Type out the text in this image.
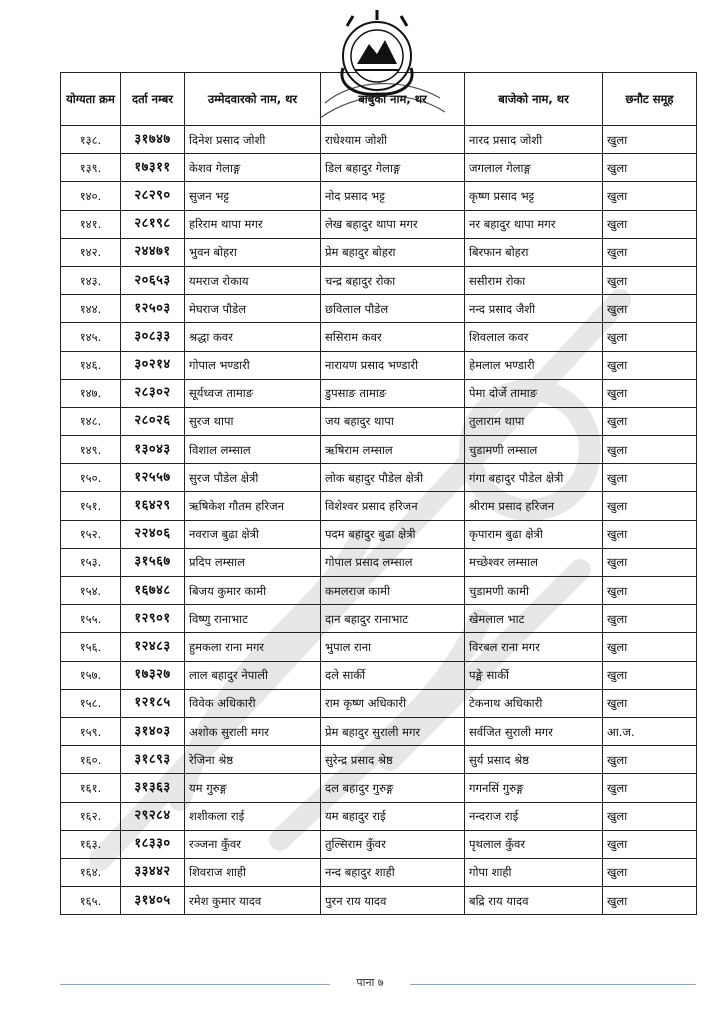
योग्यता क्रम	दर्ता नम्बर	उम्मेदवारको नाम, थर	बाबुको नाम, थर	बाजेको नाम, थर	छनौट समूह
१३८.	३१७४७	दिनेश प्रसाद जोशी	राधेश्याम जोशी	नारद प्रसाद जोशी	खुला
१३९.	१७३११	केशव गेलाङ्ग	डिल बहादुर गेलाङ्ग	जगलाल गेलाङ्ग	खुला
१४०.	२८२९०	सुजन भट्ट	नोद प्रसाद भट्ट	कृष्ण प्रसाद भट्ट	खुला
१४१.	२८१९८	हरिराम थापा मगर	लेख बहादुर थापा मगर	नर बहादुर थापा मगर	खुला
१४२.	२४४७१	भुवन बोहरा	प्रेम बहादुर बोहरा	बिरफान बोहरा	खुला
१४३.	२०६५३	यमराज रोकाय	चन्द्र बहादुर रोका	ससीराम रोका	खुला
१४४.	१२५०३	मेघराज पौडेल	छविलाल पौडेल	नन्द प्रसाद जैशी	खुला
१४५.	३०८३३	श्रद्धा कवर	ससिराम कवर	शिवलाल कवर	खुला
१४६.	३०२१४	गोपाल भण्डारी	नारायण प्रसाद भण्डारी	हेमलाल भण्डारी	खुला
१४७.	२८३०२	सूर्यध्वज तामाङ	डुपसाङ तामाङ	पेमा दोर्जे तामाङ	खुला
१४८.	२८०२६	सुरज थापा	जय बहादुर थापा	तुलाराम थापा	खुला
१४९.	१३०४३	विशाल लम्साल	ऋषिराम लम्साल	चुडामणी लम्साल	खुला
१५०.	१२५५७	सुरज पौडेल क्षेत्री	लोक बहादुर पौडेल क्षेत्री	गंगा बहादुर पौडेल क्षेत्री	खुला
१५१.	१६४२९	ऋषिकेश गौतम हरिजन	विशेश्वर प्रसाद हरिजन	श्रीराम प्रसाद हरिजन	खुला
१५२.	२२४०६	नवराज बुढा क्षेत्री	पदम बहादुर बुढा क्षेत्री	कृपाराम बुढा क्षेत्री	खुला
१५३.	३१५६७	प्रदिप लम्साल	गोपाल प्रसाद लम्साल	मच्छेश्वर लम्साल	खुला
१५४.	१६७४८	बिजय कुमार कामी	कमलराज कामी	चुडामणी कामी	खुला
१५५.	१२९०१	विष्णु रानाभाट	दान बहादुर रानाभाट	खेमलाल भाट	खुला
१५६.	१२४८३	हुमकला राना मगर	भुपाल राना	विरबल राना मगर	खुला
१५७.	१७३२७	लाल बहादुर नेपाली	दले सार्की	पङ्मे सार्की	खुला
१५८.	१२१८५	विवेक अधिकारी	राम कृष्ण अधिकारी	टेकनाथ अधिकारी	खुला
१५९.	३१४०३	अशोक सुराली मगर	प्रेम बहादुर सुराली मगर	सर्वजित सुराली मगर	आ.ज.
१६०.	३१८९३	रेजिना श्रेष्ठ	सुरेन्द्र प्रसाद श्रेष्ठ	सुर्य प्रसाद श्रेष्ठ	खुला
१६१.	३१३६३	यम गुरुङ्ग	दल बहादुर गुरुङ्ग	गगनसिं गुरुङ्ग	खुला
१६२.	२९२८४	शशीकला राई	यम बहादुर राई	नन्दराज राई	खुला
१६३.	१८३३०	रञ्जना कुँवर	तुल्सिराम कुँवर	पृथलाल कुँवर	खुला
१६४.	३३४४२	शिवराज शाही	नन्द बहादुर शाही	गोपा शाही	खुला
१६५.	३१४०५	रमेश कुमार यादव	पुरन राय यादव	बद्रि राय यादव	खुला
पाना ७
